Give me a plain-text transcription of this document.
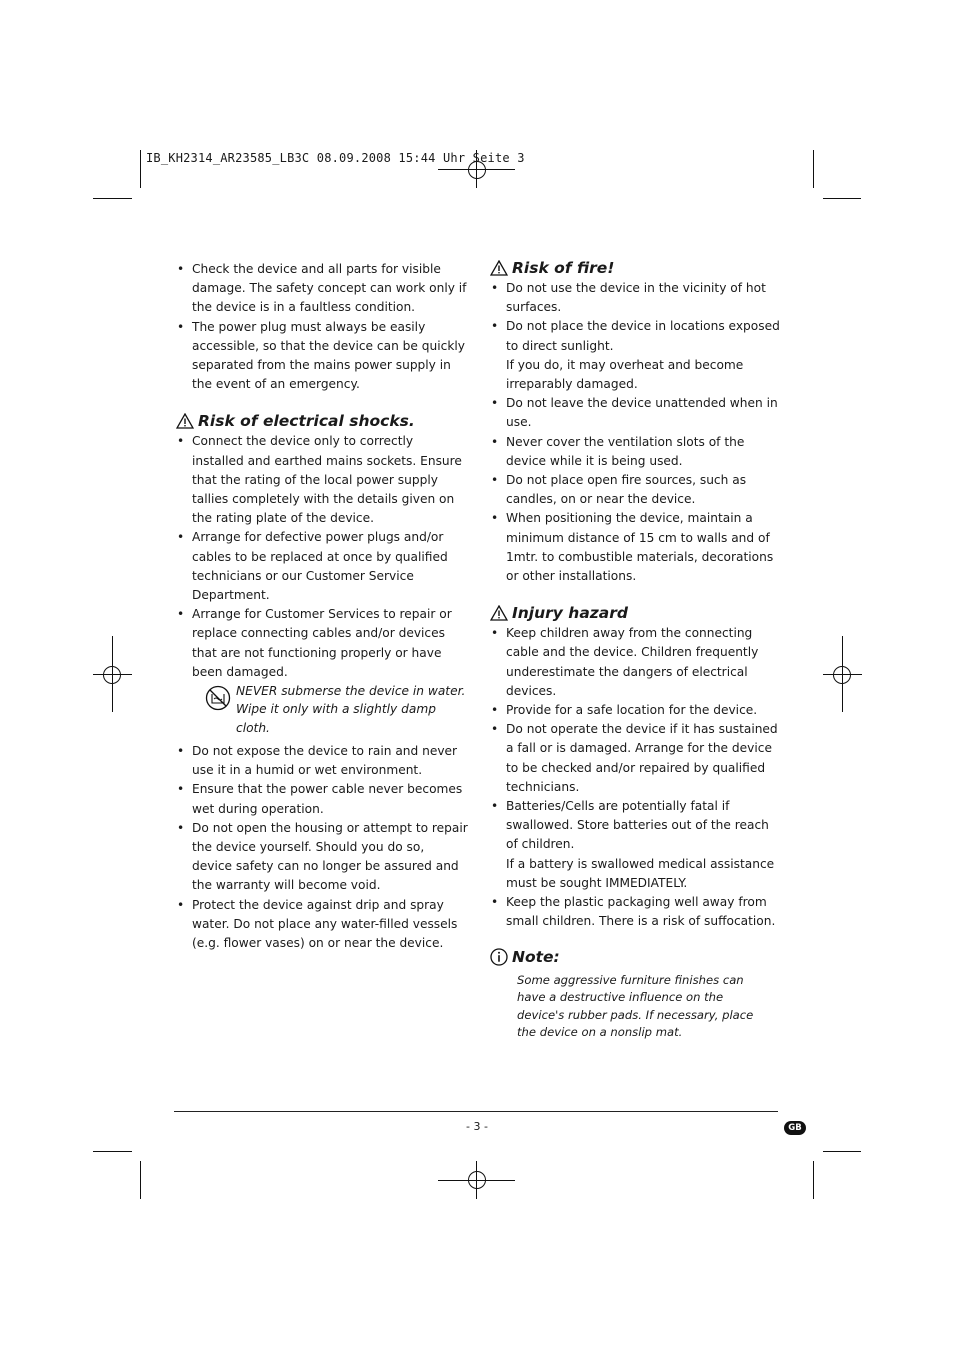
IB_KH2314_AR23585_LB3C 08.09.2008 15:44 Uhr Seite 3
• Check the device and all parts for visible damage. The safety concept can work only if the device is in a faultless condition.
• The power plug must always be easily accessible, so that the device can be quickly separated from the mains power supply in the event of an emergency.
Risk of electrical shocks.
• Connect the device only to correctly installed and earthed mains sockets. Ensure that the rating of the local power supply tallies completely with the details given on the rating plate of the device.
• Arrange for defective power plugs and/or cables to be replaced at once by qualified technicians or our Customer Service Department.
• Arrange for Customer Services to repair or replace connecting cables and/or devices that are not functioning properly or have been damaged.
NEVER submerse the device in water.
Wipe it only with a slightly damp cloth.
• Do not expose the device to rain and never use it in a humid or wet environment.
• Ensure that the power cable never becomes wet during operation.
• Do not open the housing or attempt to repair the device yourself. Should you do so, device safety can no longer be assured and the warranty will become void.
• Protect the device against drip and spray water. Do not place any water-filled vessels (e.g. flower vases) on or near the device.
Risk of fire!
• Do not use the device in the vicinity of hot surfaces.
• Do not place the device in locations exposed to direct sunlight.
If you do, it may overheat and become irreparably damaged.
• Do not leave the device unattended when in use.
• Never cover the ventilation slots of the device while it is being used.
• Do not place open fire sources, such as candles, on or near the device.
• When positioning the device, maintain a minimum distance of 15 cm to walls and of 1mtr. to combustible materials, decorations or other installations.
Injury hazard
• Keep children away from the connecting cable and the device. Children frequently underestimate the dangers of electrical devices.
• Provide for a safe location for the device.
• Do not operate the device if it has sustained a fall or is damaged. Arrange for the device to be checked and/or repaired by qualified technicians.
• Batteries/Cells are potentially fatal if swallowed. Store batteries out of the reach of children.
If a battery is swallowed medical assistance must be sought IMMEDIATELY.
• Keep the plastic packaging well away from small children. There is a risk of suffocation.
Note:
Some aggressive furniture finishes can have a destructive influence on the device's rubber pads. If necessary, place the device on a nonslip mat.
- 3 -	GB
